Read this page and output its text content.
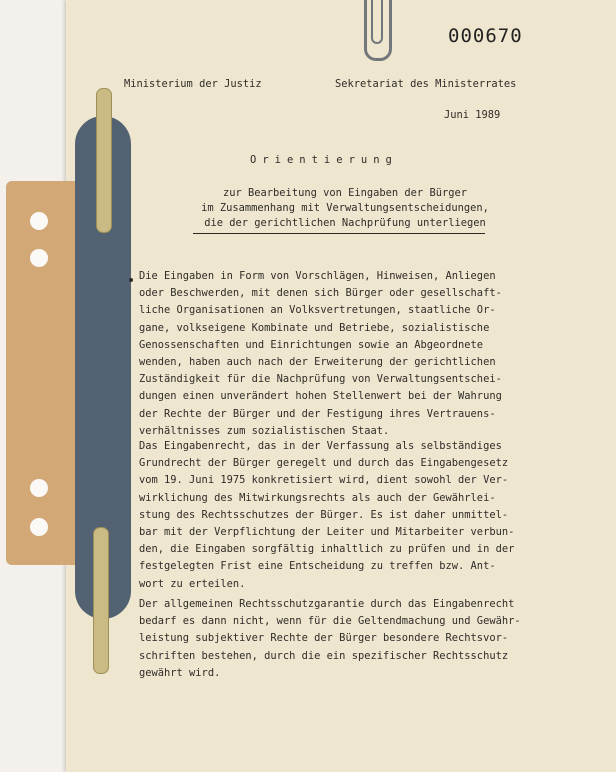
000670
Ministerium der Justiz	Sekretariat des Ministerrates
Juni 1989
Orientierung
zur Bearbeitung von Eingaben der Bürger
im Zusammenhang mit Verwaltungsentscheidungen,
die der gerichtlichen Nachprüfung unterliegen
Die Eingaben in Form von Vorschlägen, Hinweisen, Anliegen
oder Beschwerden, mit denen sich Bürger oder gesellschaft-
liche Organisationen an Volksvertretungen, staatliche Or-
gane, volkseigene Kombinate und Betriebe, sozialistische
Genossenschaften und Einrichtungen sowie an Abgeordnete
wenden, haben auch nach der Erweiterung der gerichtlichen
Zuständigkeit für die Nachprüfung von Verwaltungsentschei-
dungen einen unverändert hohen Stellenwert bei der Wahrung
der Rechte der Bürger und der Festigung ihres Vertrauens-
verhältnisses zum sozialistischen Staat.
Das Eingabenrecht, das in der Verfassung als selbständiges
Grundrecht der Bürger geregelt und durch das Eingabengesetz
vom 19. Juni 1975 konkretisiert wird, dient sowohl der Ver-
wirklichung des Mitwirkungsrechts als auch der Gewährlei-
stung des Rechtsschutzes der Bürger. Es ist daher unmittel-
bar mit der Verpflichtung der Leiter und Mitarbeiter verbun-
den, die Eingaben sorgfältig inhaltlich zu prüfen und in der
festgelegten Frist eine Entscheidung zu treffen bzw. Ant-
wort zu erteilen.
Der allgemeinen Rechtsschutzgarantie durch das Eingabenrecht
bedarf es dann nicht, wenn für die Geltendmachung und Gewähr-
leistung subjektiver Rechte der Bürger besondere Rechtsvor-
schriften bestehen, durch die ein spezifischer Rechtsschutz
gewährt wird.
